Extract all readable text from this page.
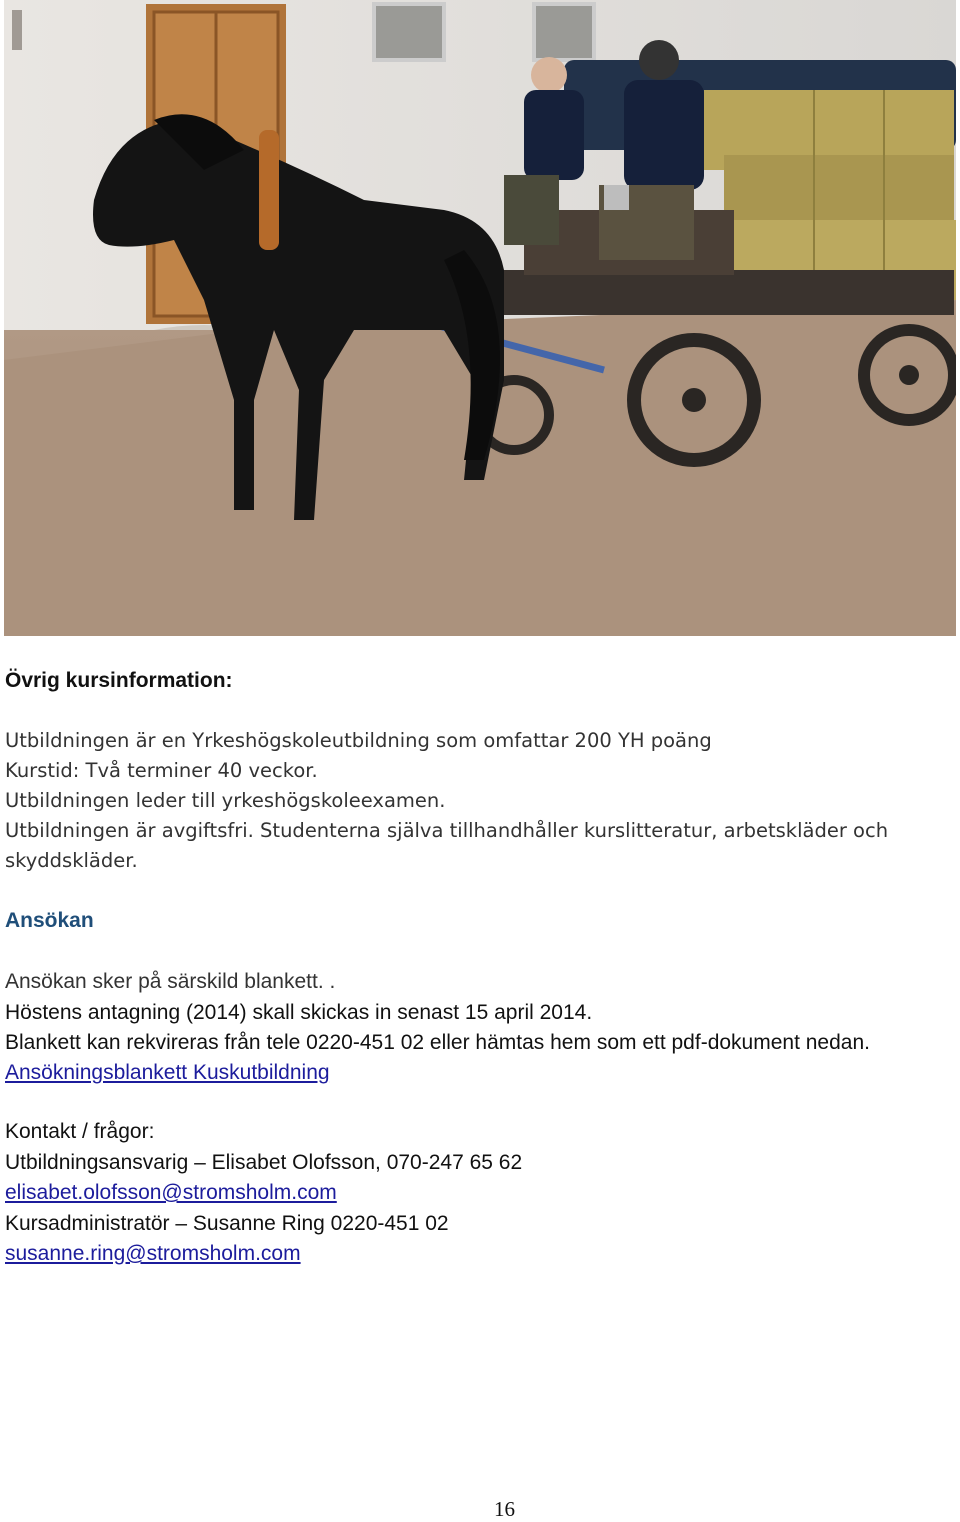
Övrig kursinformation:
Utbildningen är en Yrkeshögskoleutbildning som omfattar 200 YH poäng
Kurstid: Två terminer 40 veckor.
Utbildningen leder till yrkeshögskoleexamen.
Utbildningen är avgiftsfri. Studenterna själva tillhandhåller kurslitteratur, arbetskläder och
skyddskläder.
Ansökan
Ansökan sker på särskild blankett. .
Höstens antagning (2014) skall skickas in senast 15 april 2014.
Blankett kan rekvireras från tele 0220-451 02 eller hämtas hem som ett pdf-dokument nedan.
Ansökningsblankett Kuskutbildning
Kontakt / frågor:
Utbildningsansvarig – Elisabet Olofsson, 070-247 65 62
elisabet.olofsson@stromsholm.com
Kursadministratör – Susanne Ring 0220-451 02
susanne.ring@stromsholm.com
16
